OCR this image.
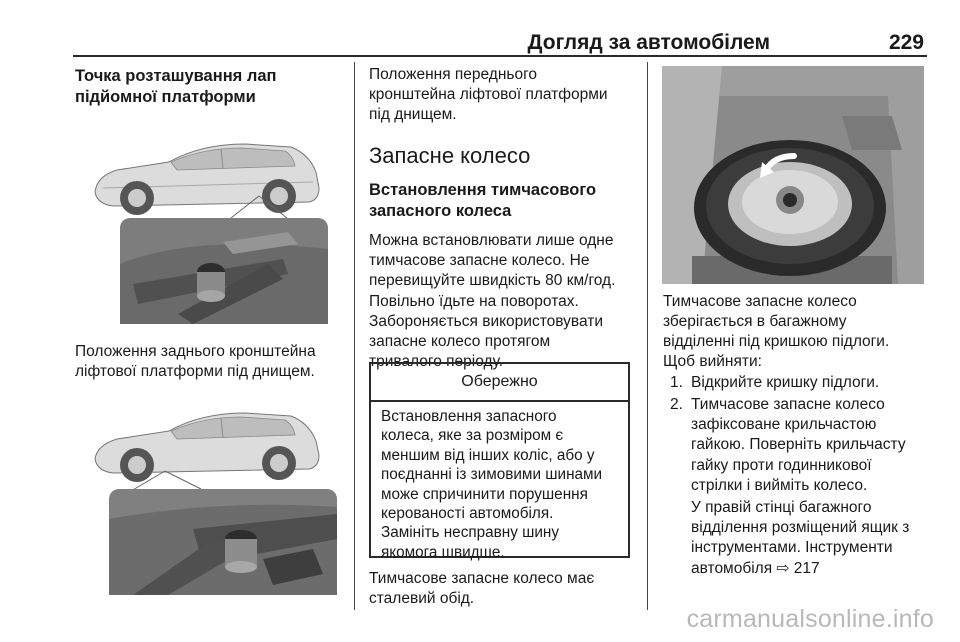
Догляд за автомобілем	229
Точка розташування лап
підйомної платформи
Положення заднього кронштейна
ліфтової платформи під днищем.
Положення переднього
кронштейна ліфтової платформи
під днищем.
Запасне колесо
Встановлення тимчасового
запасного колеса
Можна встановлювати лише одне
тимчасове запасне колесо. Не
перевищуйте швидкість 80 км/год.
Повільно їдьте на поворотах.
Забороняється використовувати
запасне колесо протягом
тривалого періоду.
Обережно
Встановлення запасного
колеса, яке за розміром є
меншим від інших коліс, або у
поєднанні із зимовими шинами
може спричинити порушення
керованості автомобіля.
Замініть несправну шину
якомога швидше.
Тимчасове запасне колесо має
сталевий обід.
Тимчасове запасне колесо
зберігається в багажному
відділенні під кришкою підлоги.
Щоб вийняти:
1. Відкрийте кришку підлоги.
2. Тимчасове запасне колесо
зафіксоване крильчастою
гайкою. Поверніть крильчасту
гайку проти годинникової
стрілки і вийміть колесо.
У правій стінці багажного
відділення розміщений ящик з
інструментами. Інструменти
автомобіля ⇨ 217
carmanualsonline.info
